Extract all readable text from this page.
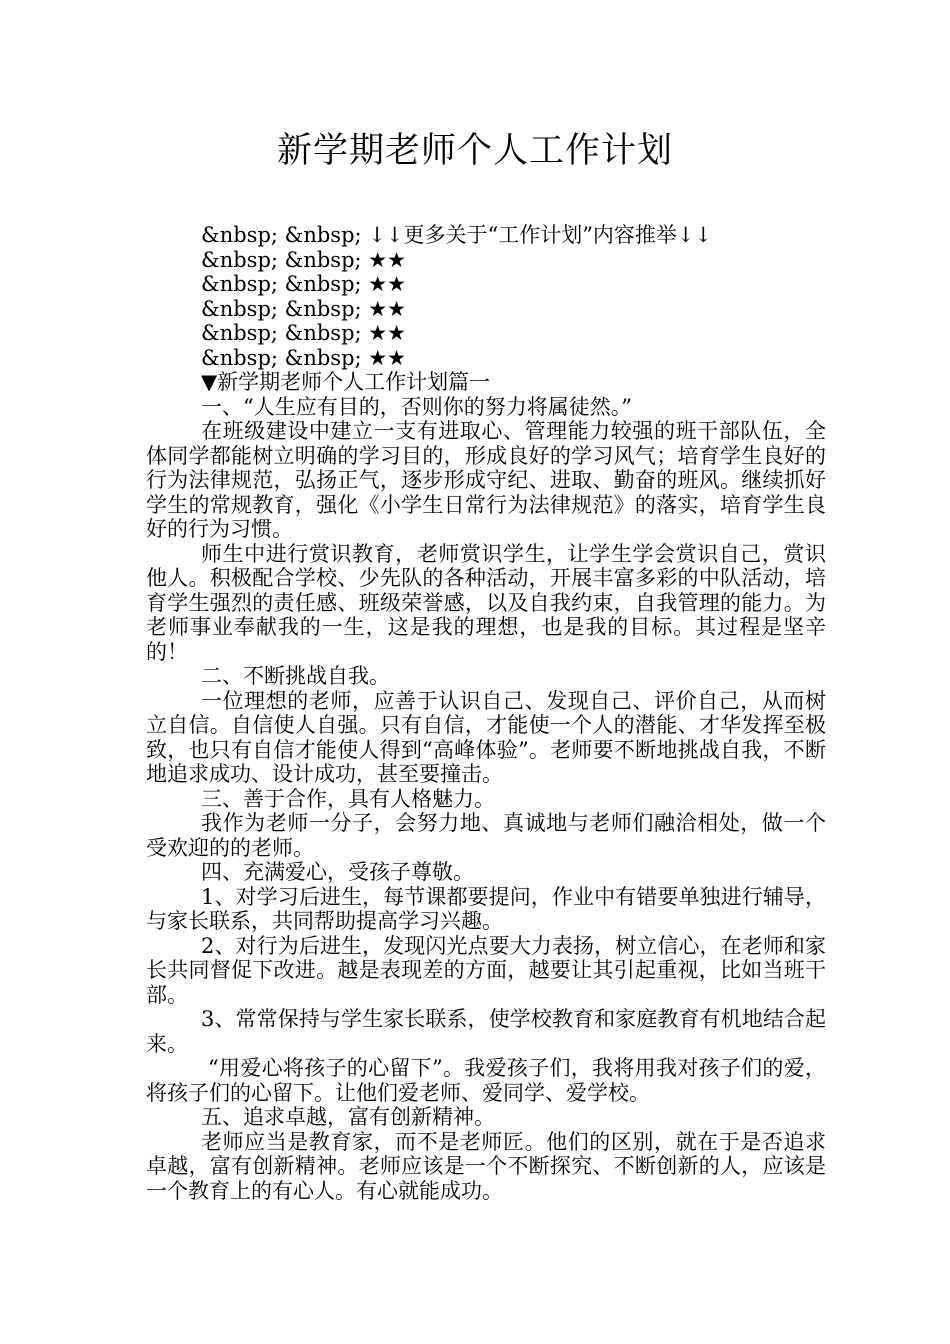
新学期老师个人工作计划

&nbsp; &nbsp; ↓↓更多关于“工作计划”内容推举↓↓

&nbsp; &nbsp; ★★

&nbsp; &nbsp; ★★

&nbsp; &nbsp; ★★

&nbsp; &nbsp; ★★

&nbsp; &nbsp; ★★

▼新学期老师个人工作计划篇一

一、“人生应有目的，否则你的努力将属徒然。”

在班级建设中建立一支有进取心、管理能力较强的班干部队伍，全体同学都能树立明确的学习目的，形成良好的学习风气；培育学生良好的行为法律规范，弘扬正气，逐步形成守纪、进取、勤奋的班风。继续抓好学生的常规教育，强化《小学生日常行为法律规范》的落实，培育学生良好的行为习惯。

师生中进行赏识教育，老师赏识学生，让学生学会赏识自己，赏识他人。积极配合学校、少先队的各种活动，开展丰富多彩的中队活动，培育学生强烈的责任感、班级荣誉感，以及自我约束，自我管理的能力。为老师事业奉献我的一生，这是我的理想，也是我的目标。其过程是坚辛的！

二、不断挑战自我。

一位理想的老师，应善于认识自己、发现自己、评价自己，从而树立自信。自信使人自强。只有自信，才能使一个人的潜能、才华发挥至极致，也只有自信才能使人得到“高峰体验”。老师要不断地挑战自我，不断地追求成功、设计成功，甚至要撞击。

三、善于合作，具有人格魅力。

我作为老师一分子，会努力地、真诚地与老师们融洽相处，做一个受欢迎的的老师。

四、充满爱心，受孩子尊敬。

1、对学习后进生，每节课都要提问，作业中有错要单独进行辅导，与家长联系，共同帮助提高学习兴趣。

2、对行为后进生，发现闪光点要大力表扬，树立信心，在老师和家长共同督促下改进。越是表现差的方面，越要让其引起重视，比如当班干部。

3、常常保持与学生家长联系，使学校教育和家庭教育有机地结合起来。

“用爱心将孩子的心留下”。我爱孩子们，我将用我对孩子们的爱，将孩子们的心留下。让他们爱老师、爱同学、爱学校。

五、追求卓越，富有创新精神。

老师应当是教育家，而不是老师匠。他们的区别，就在于是否追求卓越，富有创新精神。老师应该是一个不断探究、不断创新的人，应该是一个教育上的有心人。有心就能成功。
